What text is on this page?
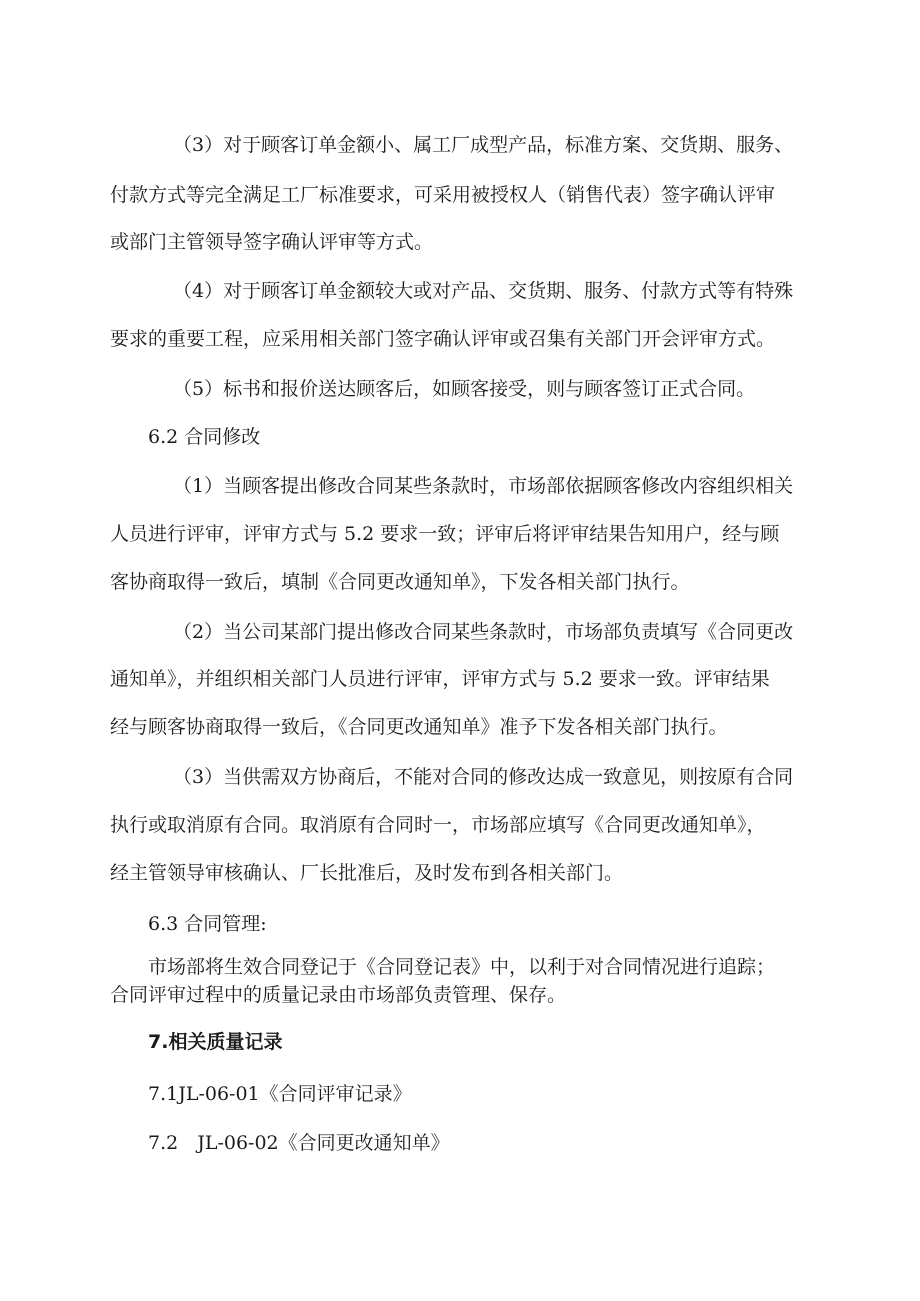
（3）对于顾客订单金额小、属工厂成型产品，标准方案、交货期、服务、
付款方式等完全满足工厂标准要求，可采用被授权人（销售代表）签字确认评审
或部门主管领导签字确认评审等方式。
（4）对于顾客订单金额较大或对产品、交货期、服务、付款方式等有特殊
要求的重要工程，应采用相关部门签字确认评审或召集有关部门开会评审方式。
（5）标书和报价送达顾客后，如顾客接受，则与顾客签订正式合同。
6.2 合同修改
（1）当顾客提出修改合同某些条款时，市场部依据顾客修改内容组织相关
人员进行评审，评审方式与 5.2 要求一致；评审后将评审结果告知用户，经与顾
客协商取得一致后，填制《合同更改通知单》，下发各相关部门执行。
（2）当公司某部门提出修改合同某些条款时，市场部负责填写《合同更改
通知单》，并组织相关部门人员进行评审，评审方式与 5.2 要求一致。评审结果
经与顾客协商取得一致后，《合同更改通知单》准予下发各相关部门执行。
（3）当供需双方协商后，不能对合同的修改达成一致意见，则按原有合同
执行或取消原有合同。取消原有合同时一，市场部应填写《合同更改通知单》，
经主管领导审核确认、厂长批准后，及时发布到各相关部门。
6.3 合同管理:
市场部将生效合同登记于《合同登记表》中，以利于对合同情况进行追踪；
合同评审过程中的质量记录由市场部负责管理、保存。
7.相关质量记录
7.1JL-06-01《合同评审记录》
7.2　JL-06-02《合同更改通知单》
